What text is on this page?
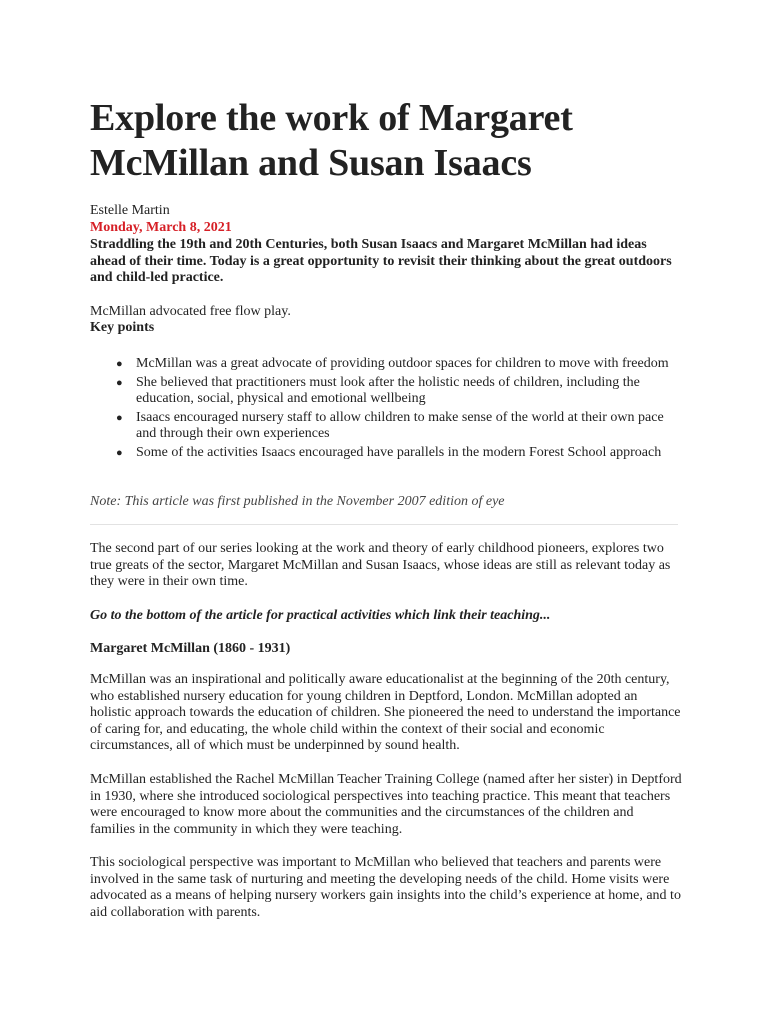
Explore the work of Margaret McMillan and Susan Isaacs
Estelle Martin
Monday, March 8, 2021

Straddling the 19th and 20th Centuries, both Susan Isaacs and Margaret McMillan had ideas ahead of their time. Today is a great opportunity to revisit their thinking about the great outdoors and child-led practice.

McMillan advocated free flow play.
Key points
● McMillan was a great advocate of providing outdoor spaces for children to move with freedom
● She believed that practitioners must look after the holistic needs of children, including the education, social, physical and emotional wellbeing
● Isaacs encouraged nursery staff to allow children to make sense of the world at their own pace and through their own experiences
● Some of the activities Isaacs encouraged have parallels in the modern Forest School approach
Note: This article was first published in the November 2007 edition of eye

The second part of our series looking at the work and theory of early childhood pioneers, explores two true greats of the sector, Margaret McMillan and Susan Isaacs, whose ideas are still as relevant today as they were in their own time.

Go to the bottom of the article for practical activities which link their teaching...
Margaret McMillan (1860 - 1931)

McMillan was an inspirational and politically aware educationalist at the beginning of the 20th century, who established nursery education for young children in Deptford, London. McMillan adopted an holistic approach towards the education of children. She pioneered the need to understand the importance of caring for, and educating, the whole child within the context of their social and economic circumstances, all of which must be underpinned by sound health.

McMillan established the Rachel McMillan Teacher Training College (named after her sister) in Deptford in 1930, where she introduced sociological perspectives into teaching practice. This meant that teachers were encouraged to know more about the communities and the circumstances of the children and families in the community in which they were teaching.

This sociological perspective was important to McMillan who believed that teachers and parents were involved in the same task of nurturing and meeting the developing needs of the child. Home visits were advocated as a means of helping nursery workers gain insights into the child’s experience at home, and to aid collaboration with parents.
